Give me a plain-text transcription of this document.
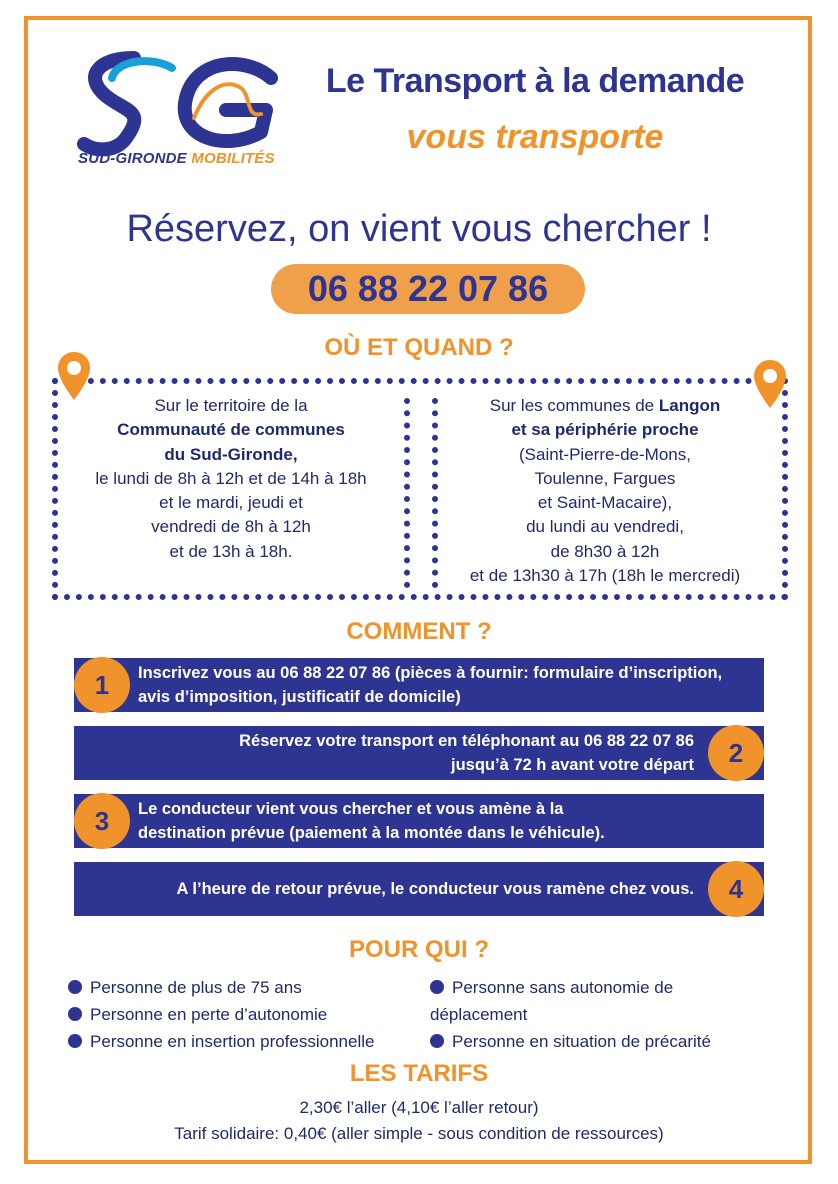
SUD-GIRONDE MOBILITÉS
Le Transport à la demande
vous transporte
Réservez, on vient vous chercher !
06 88 22 07 86
OÙ ET QUAND ?
Sur le territoire de la
Communauté de communes
du Sud-Gironde,
le lundi de 8h à 12h et de 14h à 18h
et le mardi, jeudi et
vendredi de 8h à 12h
et de 13h à 18h.
Sur les communes de Langon
et sa périphérie proche
(Saint-Pierre-de-Mons,
Toulenne, Fargues
et Saint-Macaire),
du lundi au vendredi,
de 8h30 à 12h
et de 13h30 à 17h (18h le mercredi)
COMMENT ?
Inscrivez vous au 06 88 22 07 86 (pièces à fournir: formulaire d’inscription,
avis d’imposition, justificatif de domicile)
1
Réservez votre transport en téléphonant au 06 88 22 07 86
jusqu’à 72 h avant votre départ	2
Le conducteur vient vous chercher et vous amène à la
destination prévue (paiement à la montée dans le véhicule).
3
A l’heure de retour prévue, le conducteur vous ramène chez vous.	4
POUR QUI ?
Personne de plus de 75 ans
Personne en perte d’autonomie
Personne en insertion professionnelle
Personne sans autonomie de
déplacement
Personne en situation de précarité
LES TARIFS
2,30€ l’aller (4,10€ l’aller retour)
Tarif solidaire: 0,40€ (aller simple - sous condition de ressources)
